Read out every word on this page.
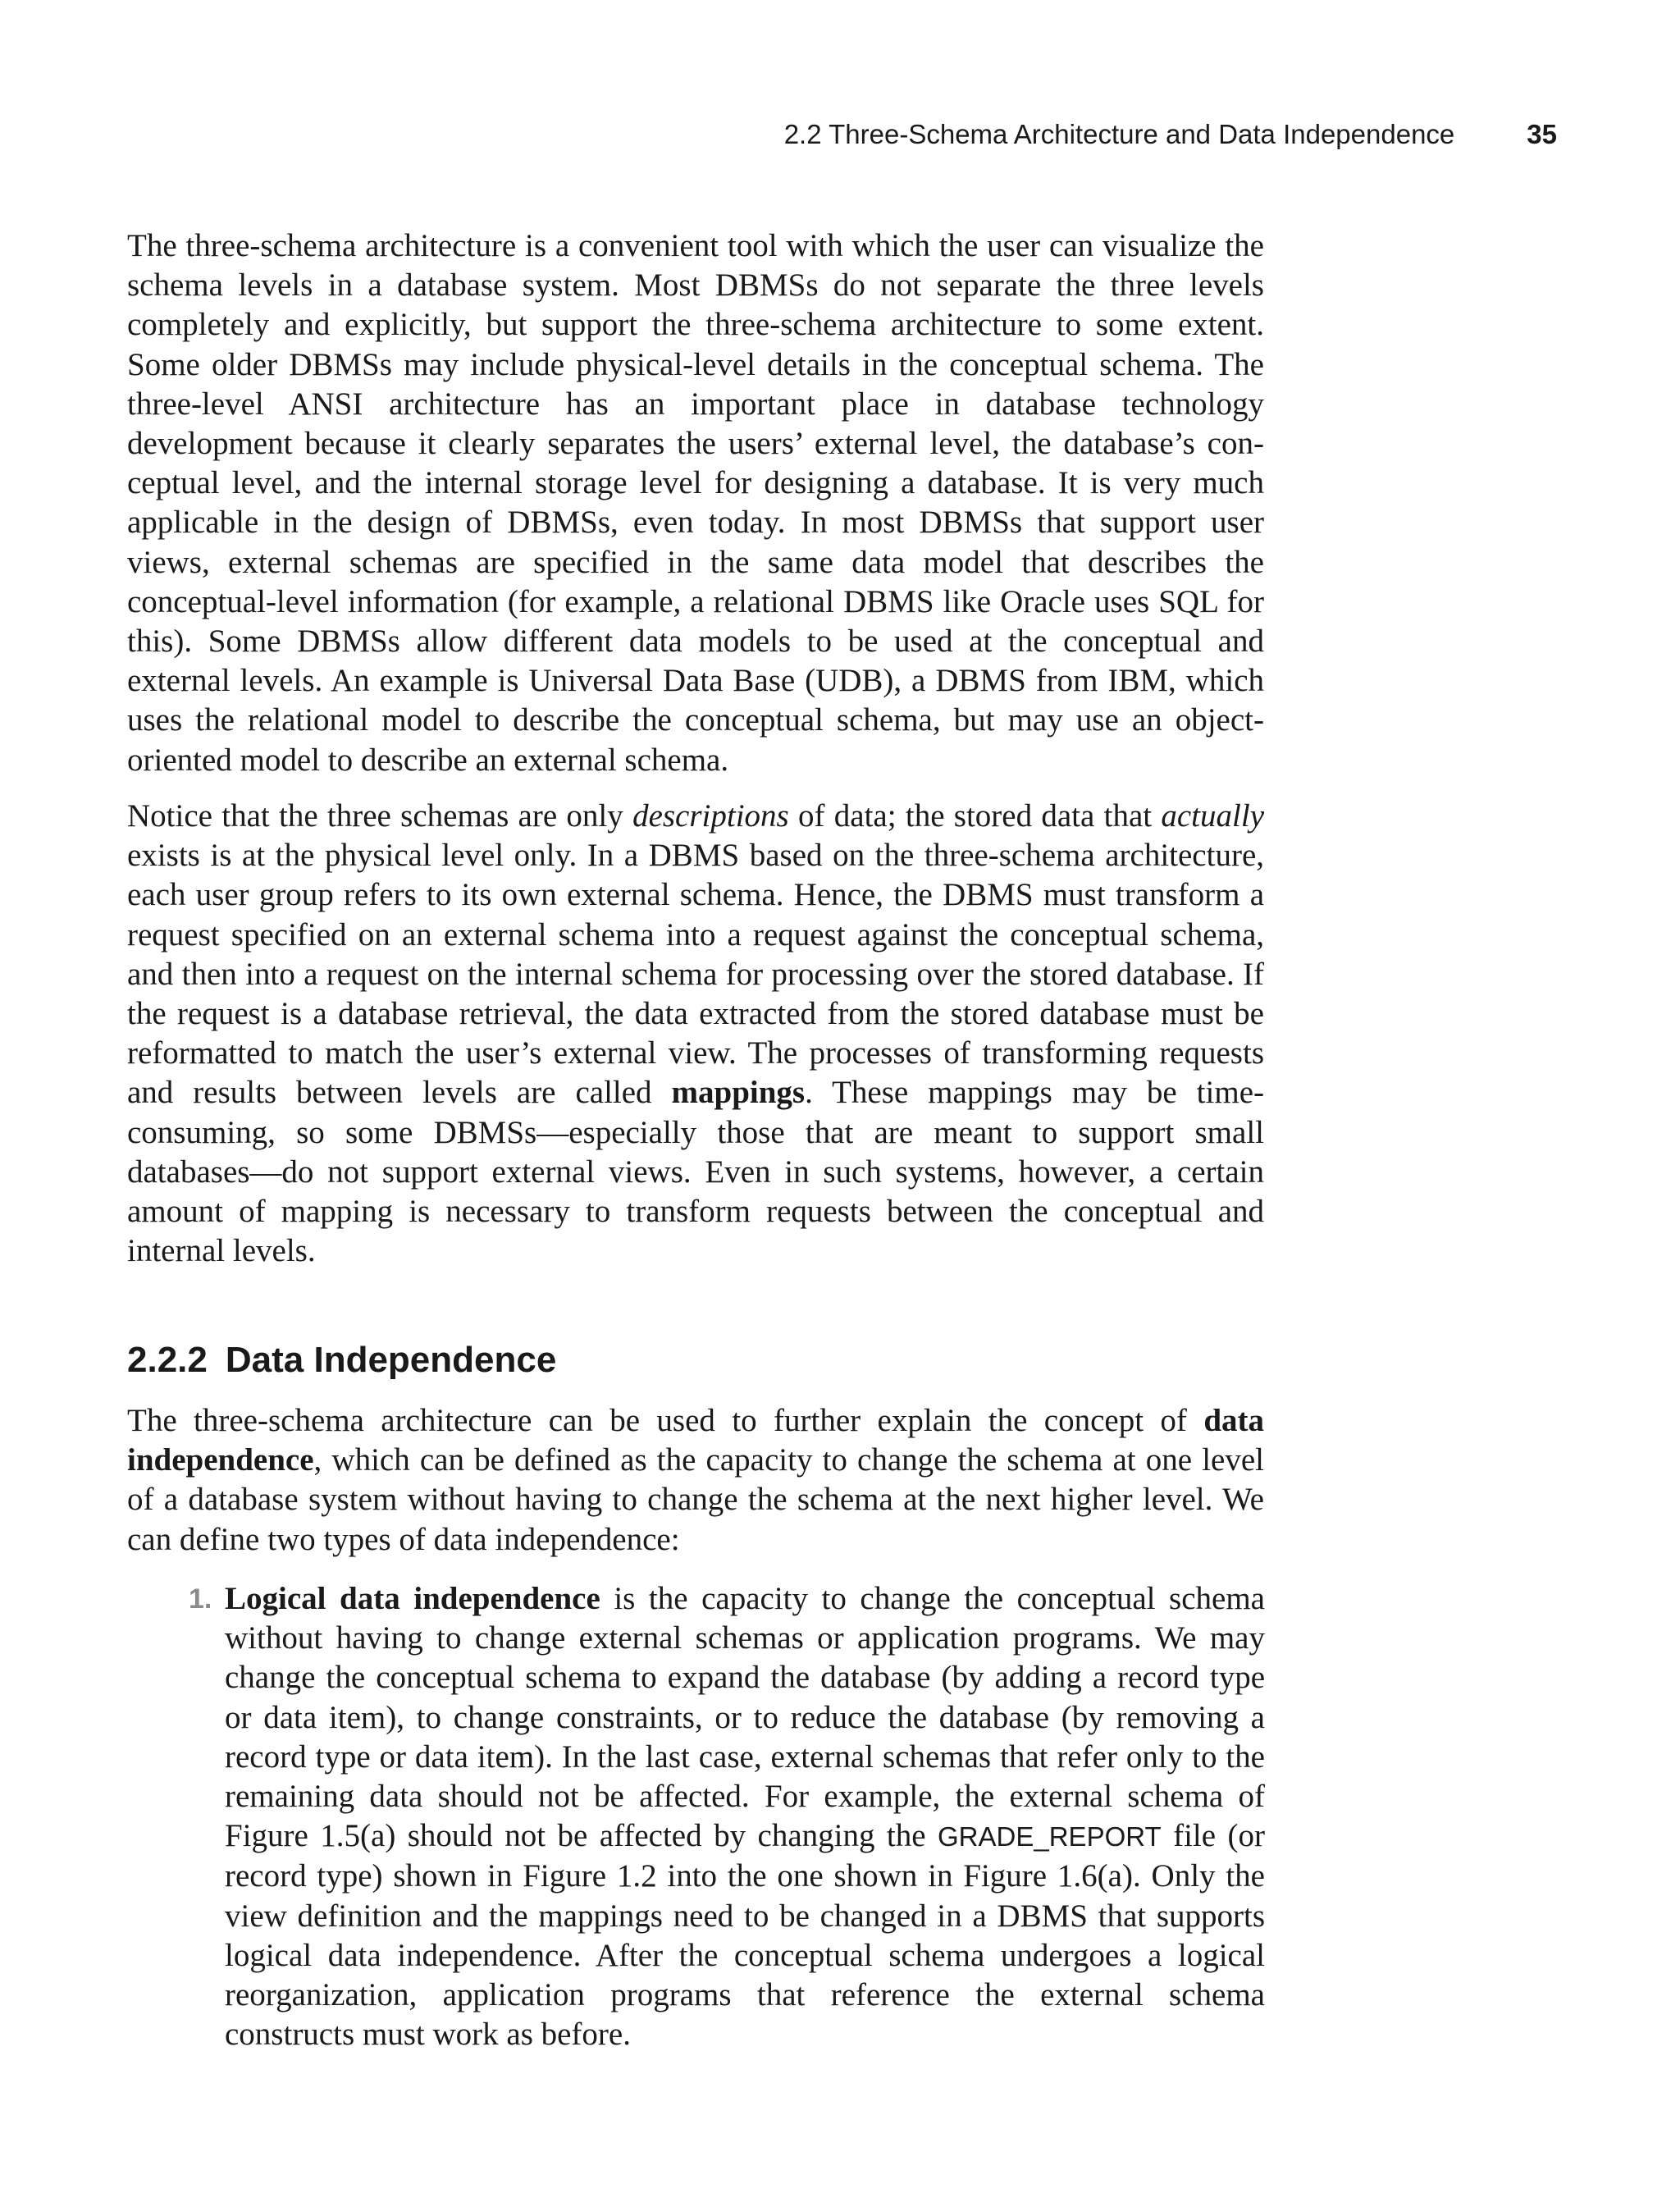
2.2 Three-Schema Architecture and Data Independence	35

The three-schema architecture is a convenient tool with which the user can visualize the schema levels in a database system. Most DBMSs do not separate the three levels completely and explicitly, but support the three-schema architecture to some extent. Some older DBMSs may include physical-level details in the conceptual schema. The three-level ANSI architecture has an important place in database technology development because it clearly separates the users’ external level, the database’s conceptual level, and the internal storage level for designing a database. It is very much applicable in the design of DBMSs, even today. In most DBMSs that support user views, external schemas are specified in the same data model that describes the conceptual-level information (for example, a relational DBMS like Oracle uses SQL for this). Some DBMSs allow different data models to be used at the conceptual and external levels. An example is Universal Data Base (UDB), a DBMS from IBM, which uses the relational model to describe the conceptual schema, but may use an object-oriented model to describe an external schema.

Notice that the three schemas are only descriptions of data; the stored data that actually exists is at the physical level only. In a DBMS based on the three-schema architecture, each user group refers to its own external schema. Hence, the DBMS must transform a request specified on an external schema into a request against the conceptual schema, and then into a request on the internal schema for processing over the stored database. If the request is a database retrieval, the data extracted from the stored database must be reformatted to match the user’s external view. The processes of transforming requests and results between levels are called mappings. These mappings may be time-consuming, so some DBMSs—especially those that are meant to support small databases—do not support external views. Even in such systems, however, a certain amount of mapping is necessary to transform requests between the conceptual and internal levels.

2.2.2 Data Independence

The three-schema architecture can be used to further explain the concept of data independence, which can be defined as the capacity to change the schema at one level of a database system without having to change the schema at the next higher level. We can define two types of data independence:

1. Logical data independence is the capacity to change the conceptual schema without having to change external schemas or application programs. We may change the conceptual schema to expand the database (by adding a record type or data item), to change constraints, or to reduce the database (by removing a record type or data item). In the last case, external schemas that refer only to the remaining data should not be affected. For example, the external schema of Figure 1.5(a) should not be affected by changing the GRADE_REPORT file (or record type) shown in Figure 1.2 into the one shown in Figure 1.6(a). Only the view definition and the mappings need to be changed in a DBMS that supports logical data independence. After the conceptual schema undergoes a logical reorganization, application programs that reference the external schema constructs must work as before.
